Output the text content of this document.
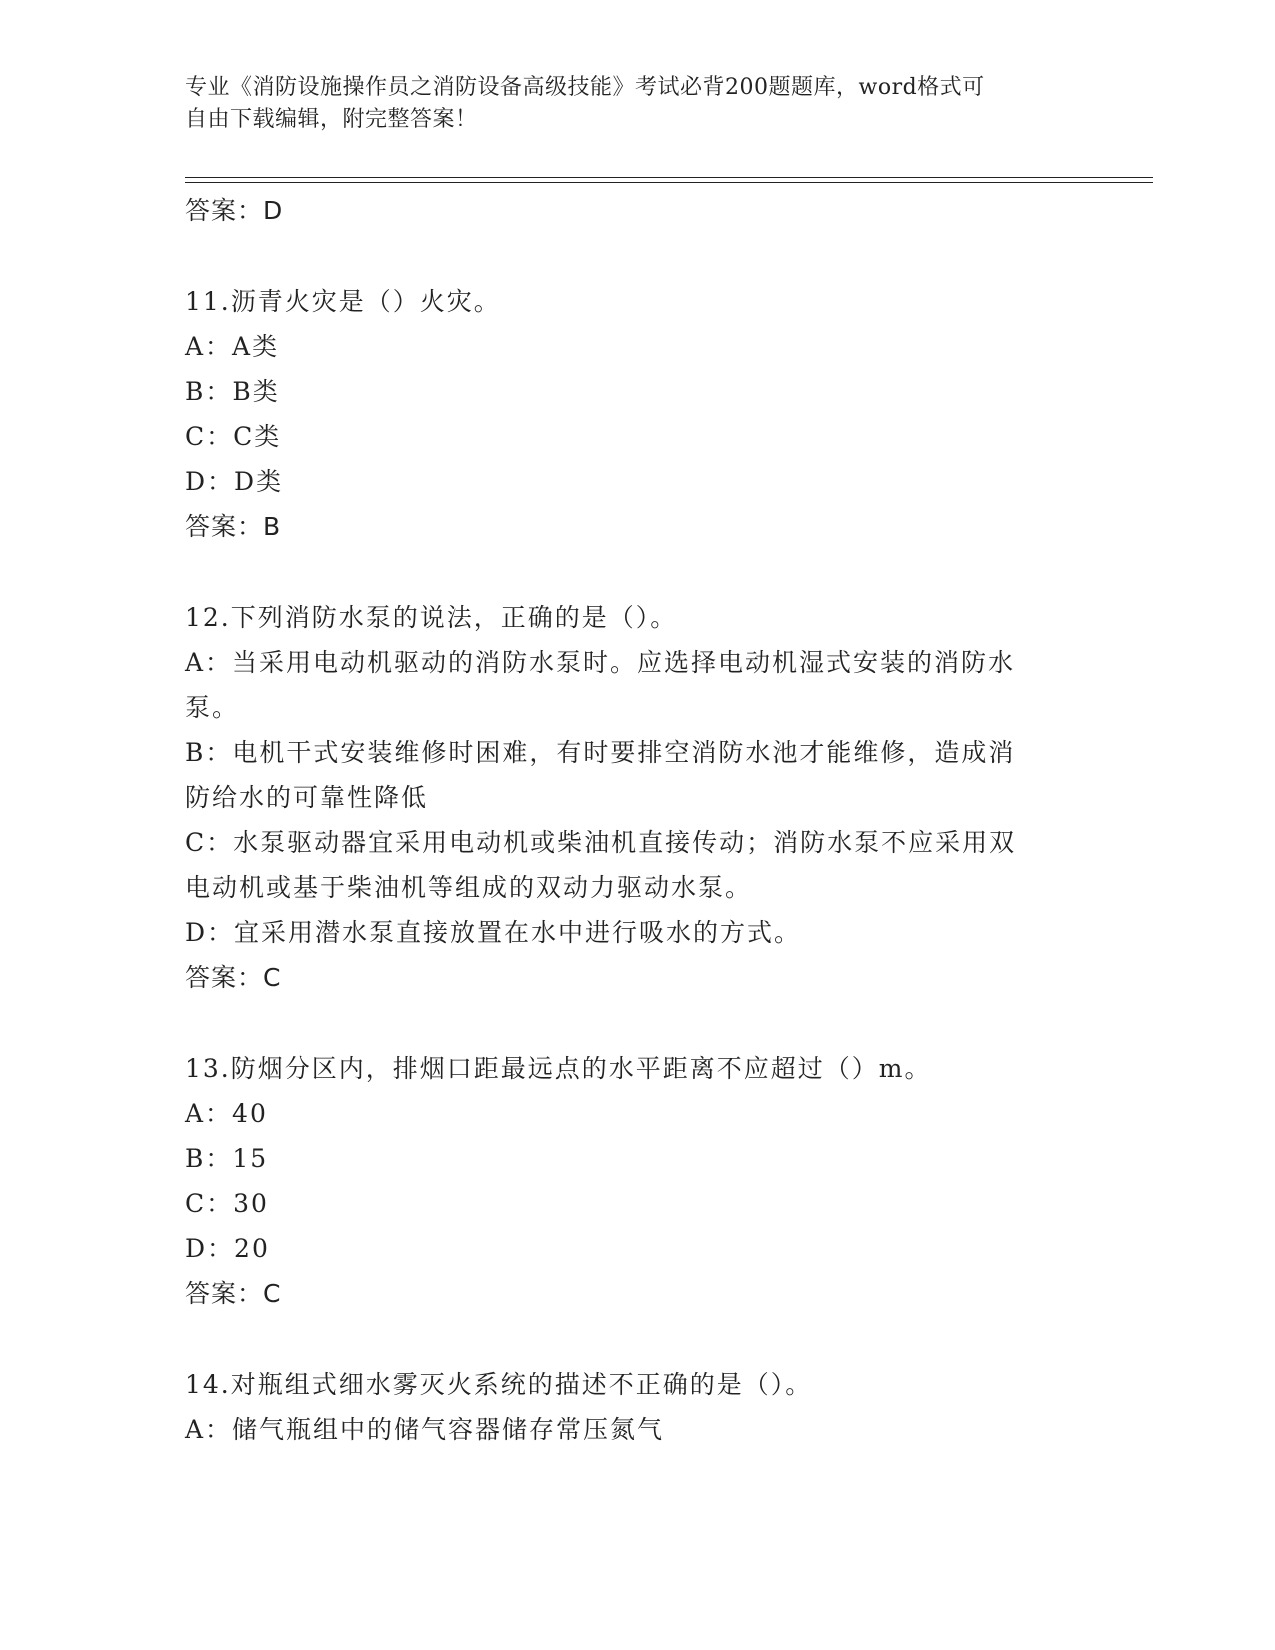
专业《消防设施操作员之消防设备高级技能》考试必背200题题库，word格式可
自由下载编辑，附完整答案！
答案：D
11.沥青火灾是（）火灾。
A：A类
B：B类
C：C类
D：D类
答案：B
12.下列消防水泵的说法，正确的是（）。
A：当采用电动机驱动的消防水泵时。应选择电动机湿式安装的消防水
泵。
B：电机干式安装维修时困难，有时要排空消防水池才能维修，造成消
防给水的可靠性降低
C：水泵驱动器宜采用电动机或柴油机直接传动；消防水泵不应采用双
电动机或基于柴油机等组成的双动力驱动水泵。
D：宜采用潜水泵直接放置在水中进行吸水的方式。
答案：C
13.防烟分区内，排烟口距最远点的水平距离不应超过（）m。
A：40
B：15
C：30
D：20
答案：C
14.对瓶组式细水雾灭火系统的描述不正确的是（）。
A：储气瓶组中的储气容器储存常压氮气
